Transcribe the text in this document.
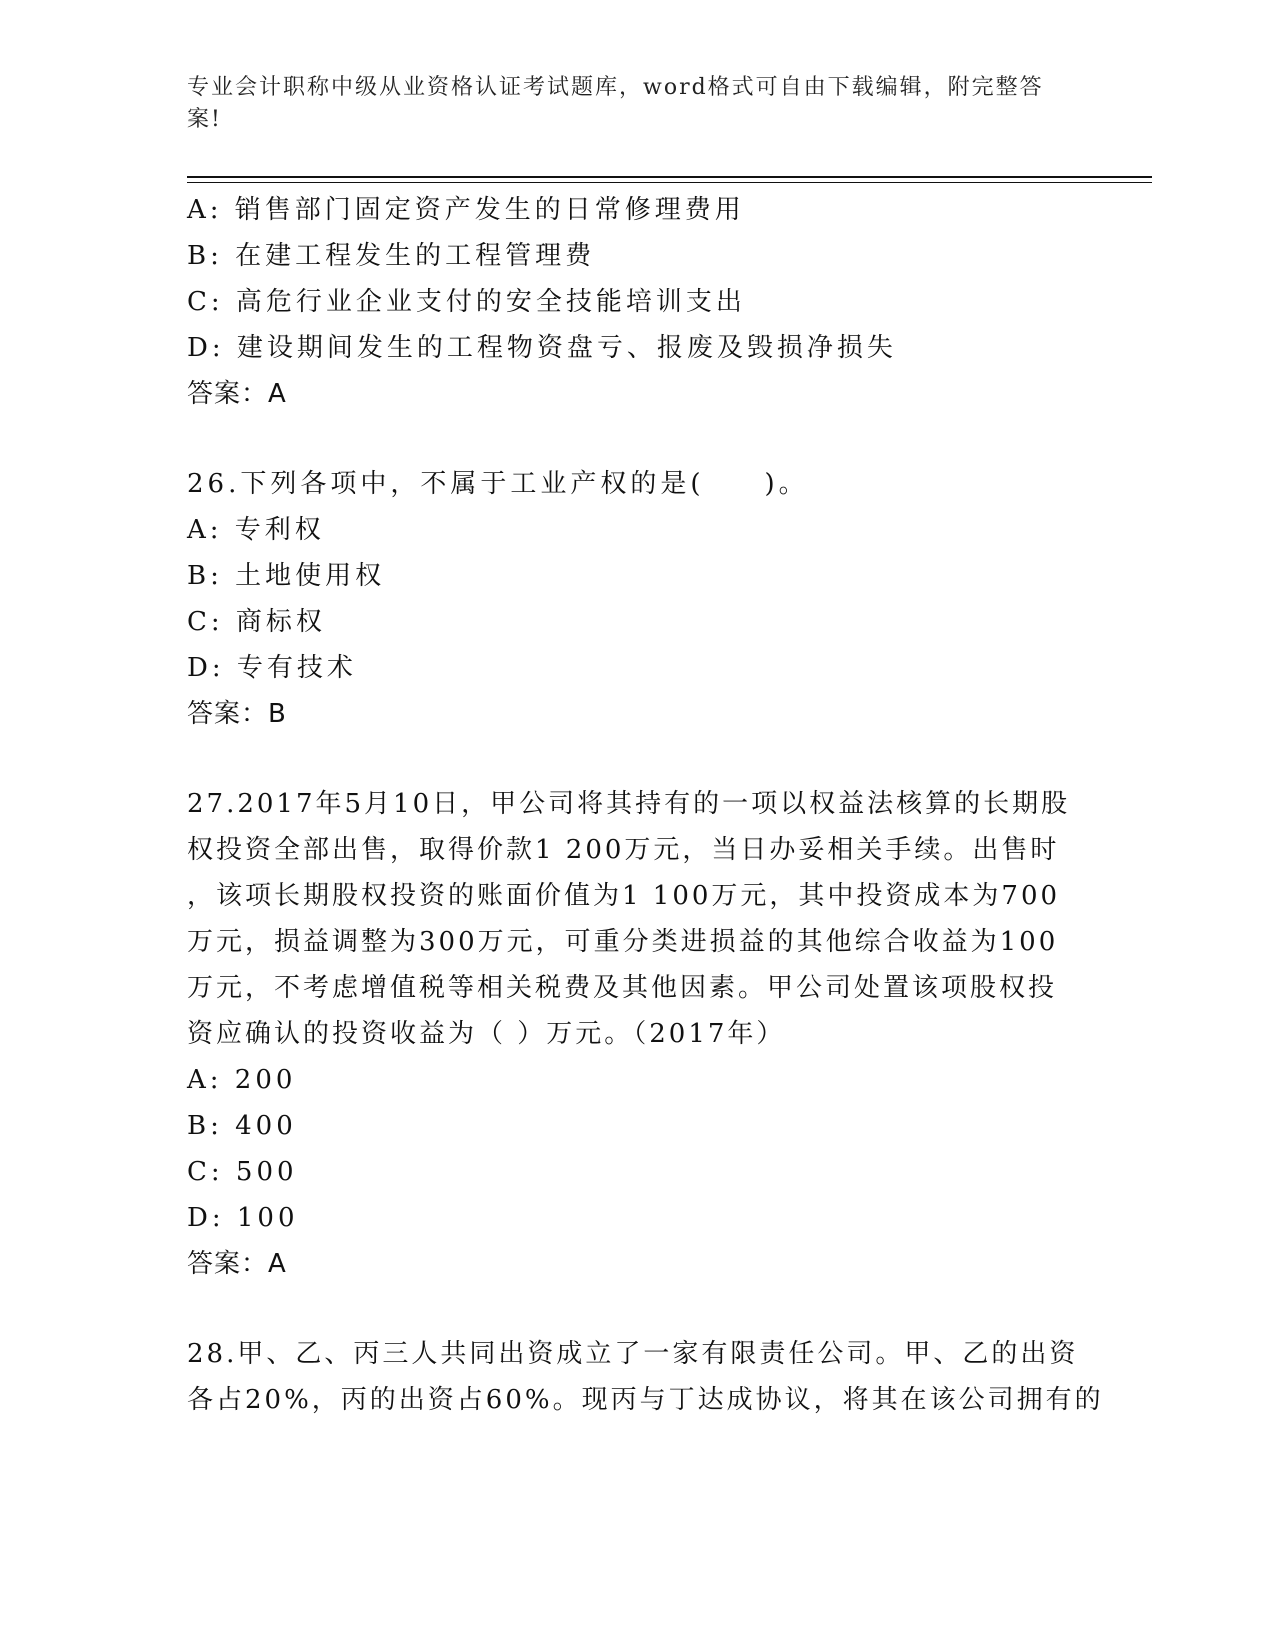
专业会计职称中级从业资格认证考试题库，word格式可自由下载编辑，附完整答
案!
A: 销售部门固定资产发生的日常修理费用
B: 在建工程发生的工程管理费
C: 高危行业企业支付的安全技能培训支出
D: 建设期间发生的工程物资盘亏、报废及毁损净损失
答案：A
26.下列各项中，不属于工业产权的是(　　)。
A: 专利权
B: 土地使用权
C: 商标权
D: 专有技术
答案：B
27.2017年5月10日，甲公司将其持有的一项以权益法核算的长期股
权投资全部出售，取得价款1 200万元，当日办妥相关手续。出售时
，该项长期股权投资的账面价值为1 100万元，其中投资成本为700
万元，损益调整为300万元，可重分类进损益的其他综合收益为100
万元，不考虑增值税等相关税费及其他因素。甲公司处置该项股权投
资应确认的投资收益为（ ）万元。（2017年）
A: 200
B: 400
C: 500
D: 100
答案：A
28.甲、乙、丙三人共同出资成立了一家有限责任公司。甲、乙的出资
各占20%，丙的出资占60%。现丙与丁达成协议，将其在该公司拥有的
